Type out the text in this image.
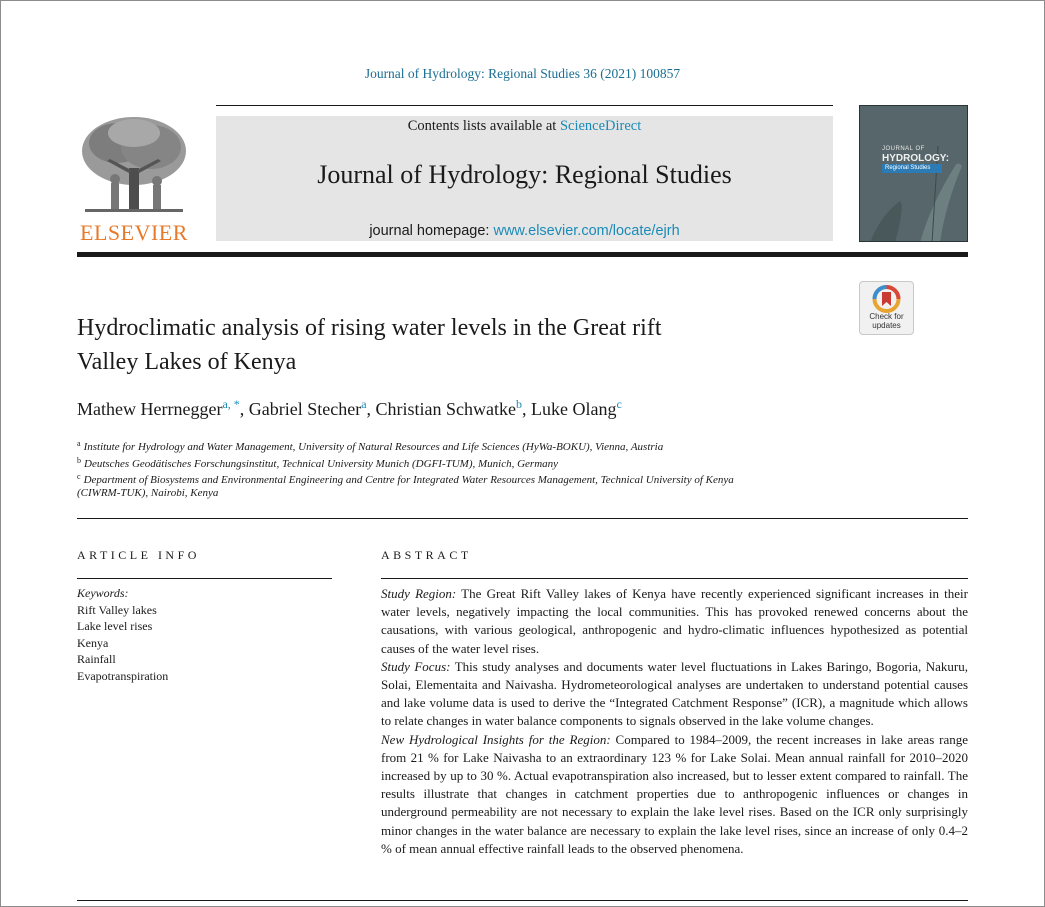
Journal of Hydrology: Regional Studies 36 (2021) 100857
ELSEVIER
Contents lists available at ScienceDirect
Journal of Hydrology: Regional Studies
journal homepage: www.elsevier.com/locate/ejrh
JOURNAL OF
HYDROLOGY:
Regional Studies
Check for
updates
Hydroclimatic analysis of rising water levels in the Great rift
Valley Lakes of Kenya
Mathew Herrnegger$^{a, *}$, Gabriel Stecher$^a$, Christian Schwatke$^b$, Luke Olang$^c$
$^a$ Institute for Hydrology and Water Management, University of Natural Resources and Life Sciences (HyWa-BOKU), Vienna, Austria
$^b$ Deutsches Geodätisches Forschungsinstitut, Technical University Munich (DGFI-TUM), Munich, Germany
$^c$ Department of Biosystems and Environmental Engineering and Centre for Integrated Water Resources Management, Technical University of Kenya
(CIWRM-TUK), Nairobi, Kenya
ARTICLE INFO	ABSTRACT
Keywords:
Rift Valley lakes
Lake level rises
Kenya
Rainfall
Evapotranspiration

Study Region: The Great Rift Valley lakes of Kenya have recently experienced significant increases in their water levels, negatively impacting the local communities. This has provoked renewed concerns about the causations, with various geological, anthropogenic and hydro-climatic influences hypothesized as potential causes of the water level rises.

Study Focus: This study analyses and documents water level fluctuations in Lakes Baringo, Bogoria, Nakuru, Solai, Elementaita and Naivasha. Hydrometeorological analyses are undertaken to understand potential causes and lake volume data is used to derive the “Integrated Catchment Response” (ICR), a magnitude which allows to relate changes in water balance components to signals observed in the lake volume changes.

New Hydrological Insights for the Region: Compared to 1984–2009, the recent increases in lake areas range from 21 % for Lake Naivasha to an extraordinary 123 % for Lake Solai. Mean annual rainfall for 2010–2020 increased by up to 30 %. Actual evapotranspiration also increased, but to lesser extent compared to rainfall. The results illustrate that changes in catchment properties due to anthropogenic influences or changes in underground permeability are not necessary to explain the lake level rises. Based on the ICR only surprisingly minor changes in the water balance are necessary to explain the lake level rises, since an increase of only 0.4–2 % of mean annual effective rainfall leads to the observed phenomena.
